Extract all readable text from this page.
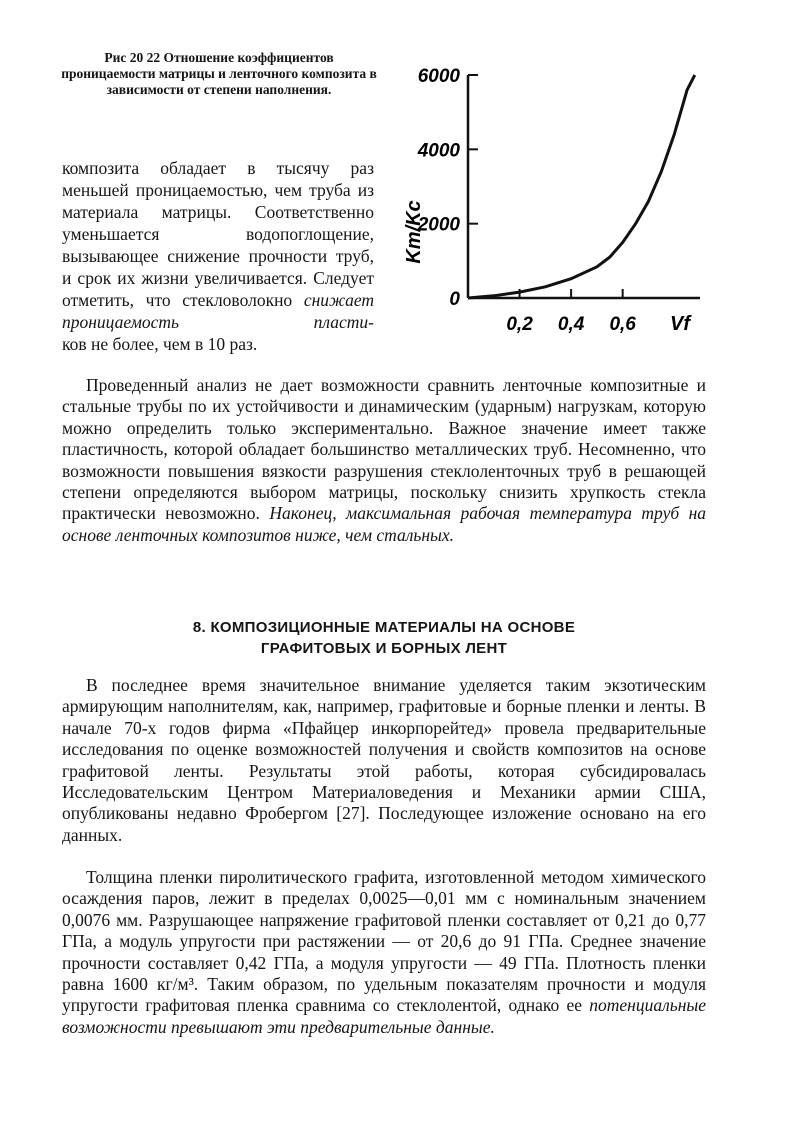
Рис 20 22 Отношение коэффициентов проницаемости матрицы и ленточного композита в зависимости от степени наполнения.
0
2000
4000
6000
0,2 0,4 0,6
Km/Kc
Vf

композита обладает в тысячу раз меньшей проницаемостью, чем труба из материала матрицы. Соответственно уменьшается водопоглощение, вызывающее снижение прочности труб, и срок их жизни увеличивается. Следует отметить, что стекловолокно снижает проницаемость пласти-

ков не более, чем в 10 раз.

Проведенный анализ не дает возможности сравнить ленточные композитные и стальные трубы по их устойчивости и динамическим (ударным) нагрузкам, которую можно определить только экспериментально. Важное значение имеет также пластичность, которой обладает большинство металлических труб. Несомненно, что возможности повышения вязкости разрушения стеклоленточных труб в решающей степени определяются выбором матрицы, поскольку снизить хрупкость стекла практически невозможно. Наконец, максимальная рабочая температура труб на основе ленточных композитов ниже, чем стальных.

8. КОМПОЗИЦИОННЫЕ МАТЕРИАЛЫ НА ОСНОВЕ
ГРАФИТОВЫХ И БОРНЫХ ЛЕНТ

В последнее время значительное внимание уделяется таким экзотическим армирующим наполнителям, как, например, графитовые и борные пленки и ленты. В начале 70-х годов фирма «Пфайцер инкорпорейтед» провела предварительные исследования по оценке возможностей получения и свойств композитов на основе графитовой ленты. Результаты этой работы, которая субсидировалась Исследовательским Центром Материаловедения и Механики армии США, опубликованы недавно Фробергом [27]. Последующее изложение основано на его данных.

Толщина пленки пиролитического графита, изготовленной методом химического осаждения паров, лежит в пределах 0,0025—0,01 мм с номинальным значением 0,0076 мм. Разрушающее напряжение графитовой пленки составляет от 0,21 до 0,77 ГПа, а модуль упругости при растяжении — от 20,6 до 91 ГПа. Среднее значение прочности составляет 0,42 ГПа, а модуля упругости — 49 ГПа. Плотность пленки равна 1600 кг/м³. Таким образом, по удельным показателям прочности и модуля упругости графитовая пленка сравнима со стеклолентой, однако ее потенциальные возможности превышают эти предварительные данные.
